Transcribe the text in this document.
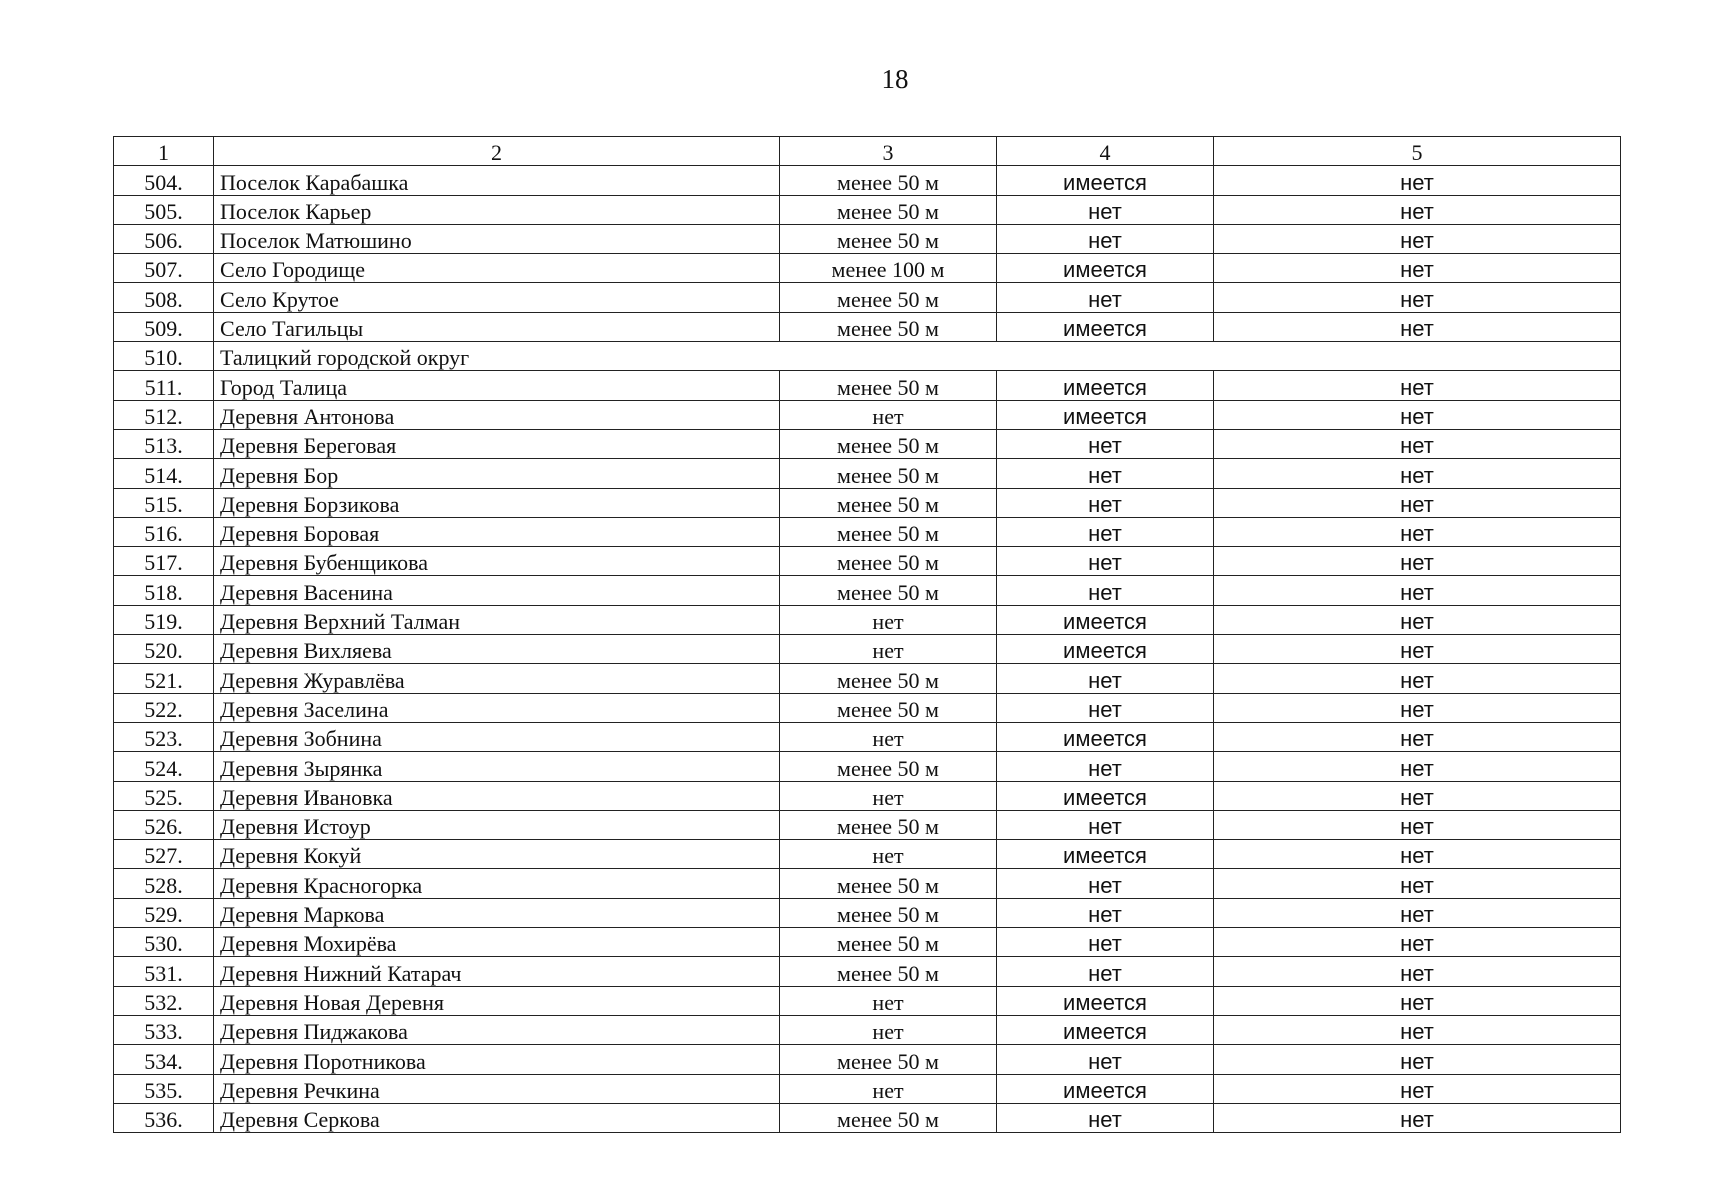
18
1	2	3	4	5
504.	Поселок Карабашка	менее 50 м	имеется	нет
505.	Поселок Карьер	менее 50 м	нет	нет
506.	Поселок Матюшино	менее 50 м	нет	нет
507.	Село Городище	менее 100 м	имеется	нет
508.	Село Крутое	менее 50 м	нет	нет
509.	Село Тагильцы	менее 50 м	имеется	нет
510.	Талицкий городской округ			
511.	Город Талица	менее 50 м	имеется	нет
512.	Деревня Антонова	нет	имеется	нет
513.	Деревня Береговая	менее 50 м	нет	нет
514.	Деревня Бор	менее 50 м	нет	нет
515.	Деревня Борзикова	менее 50 м	нет	нет
516.	Деревня Боровая	менее 50 м	нет	нет
517.	Деревня Бубенщикова	менее 50 м	нет	нет
518.	Деревня Васенина	менее 50 м	нет	нет
519.	Деревня Верхний Талман	нет	имеется	нет
520.	Деревня Вихляева	нет	имеется	нет
521.	Деревня Журавлёва	менее 50 м	нет	нет
522.	Деревня Заселина	менее 50 м	нет	нет
523.	Деревня Зобнина	нет	имеется	нет
524.	Деревня Зырянка	менее 50 м	нет	нет
525.	Деревня Ивановка	нет	имеется	нет
526.	Деревня Истоур	менее 50 м	нет	нет
527.	Деревня Кокуй	нет	имеется	нет
528.	Деревня Красногорка	менее 50 м	нет	нет
529.	Деревня Маркова	менее 50 м	нет	нет
530.	Деревня Мохирёва	менее 50 м	нет	нет
531.	Деревня Нижний Катарач	менее 50 м	нет	нет
532.	Деревня Новая Деревня	нет	имеется	нет
533.	Деревня Пиджакова	нет	имеется	нет
534.	Деревня Поротникова	менее 50 м	нет	нет
535.	Деревня Речкина	нет	имеется	нет
536.	Деревня Серкова	менее 50 м	нет	нет
